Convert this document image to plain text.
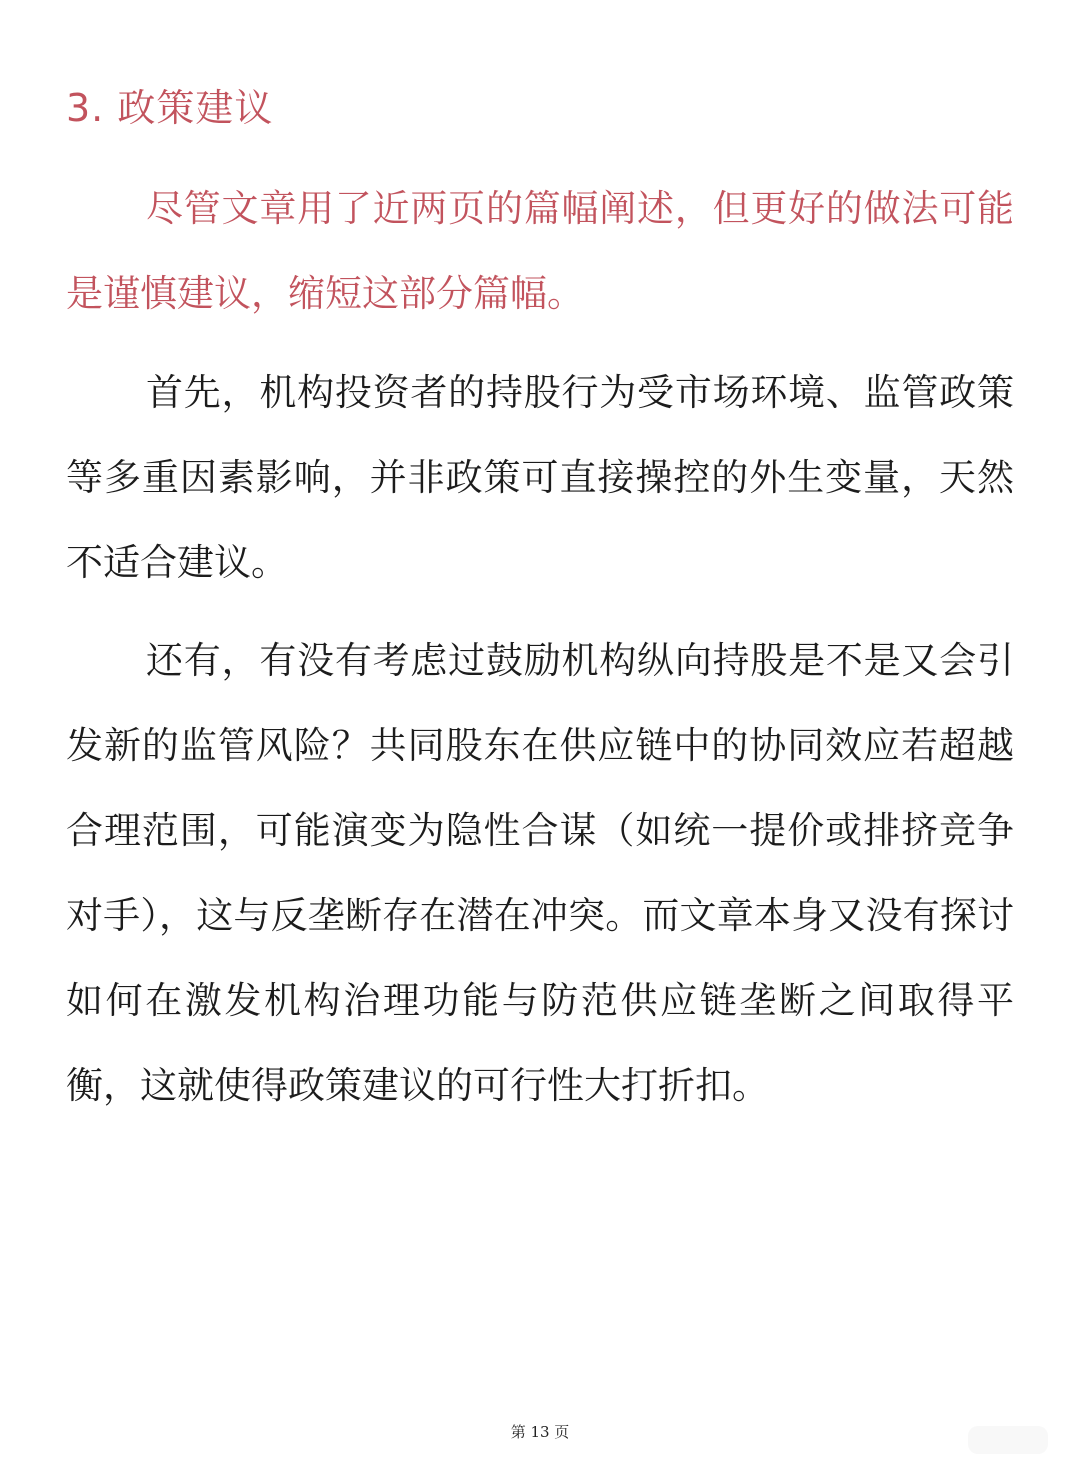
3. 政策建议

尽管文章用了近两页的篇幅阐述，但更好的做法可能是谨慎建议，缩短这部分篇幅。

首先，机构投资者的持股行为受市场环境、监管政策等多重因素影响，并非政策可直接操控的外生变量，天然不适合建议。

还有，有没有考虑过鼓励机构纵向持股是不是又会引发新的监管风险？共同股东在供应链中的协同效应若超越合理范围，可能演变为隐性合谋（如统一提价或排挤竞争对手），这与反垄断存在潜在冲突。而文章本身又没有探讨如何在激发机构治理功能与防范供应链垄断之间取得平衡，这就使得政策建议的可行性大打折扣。

第 13 页
